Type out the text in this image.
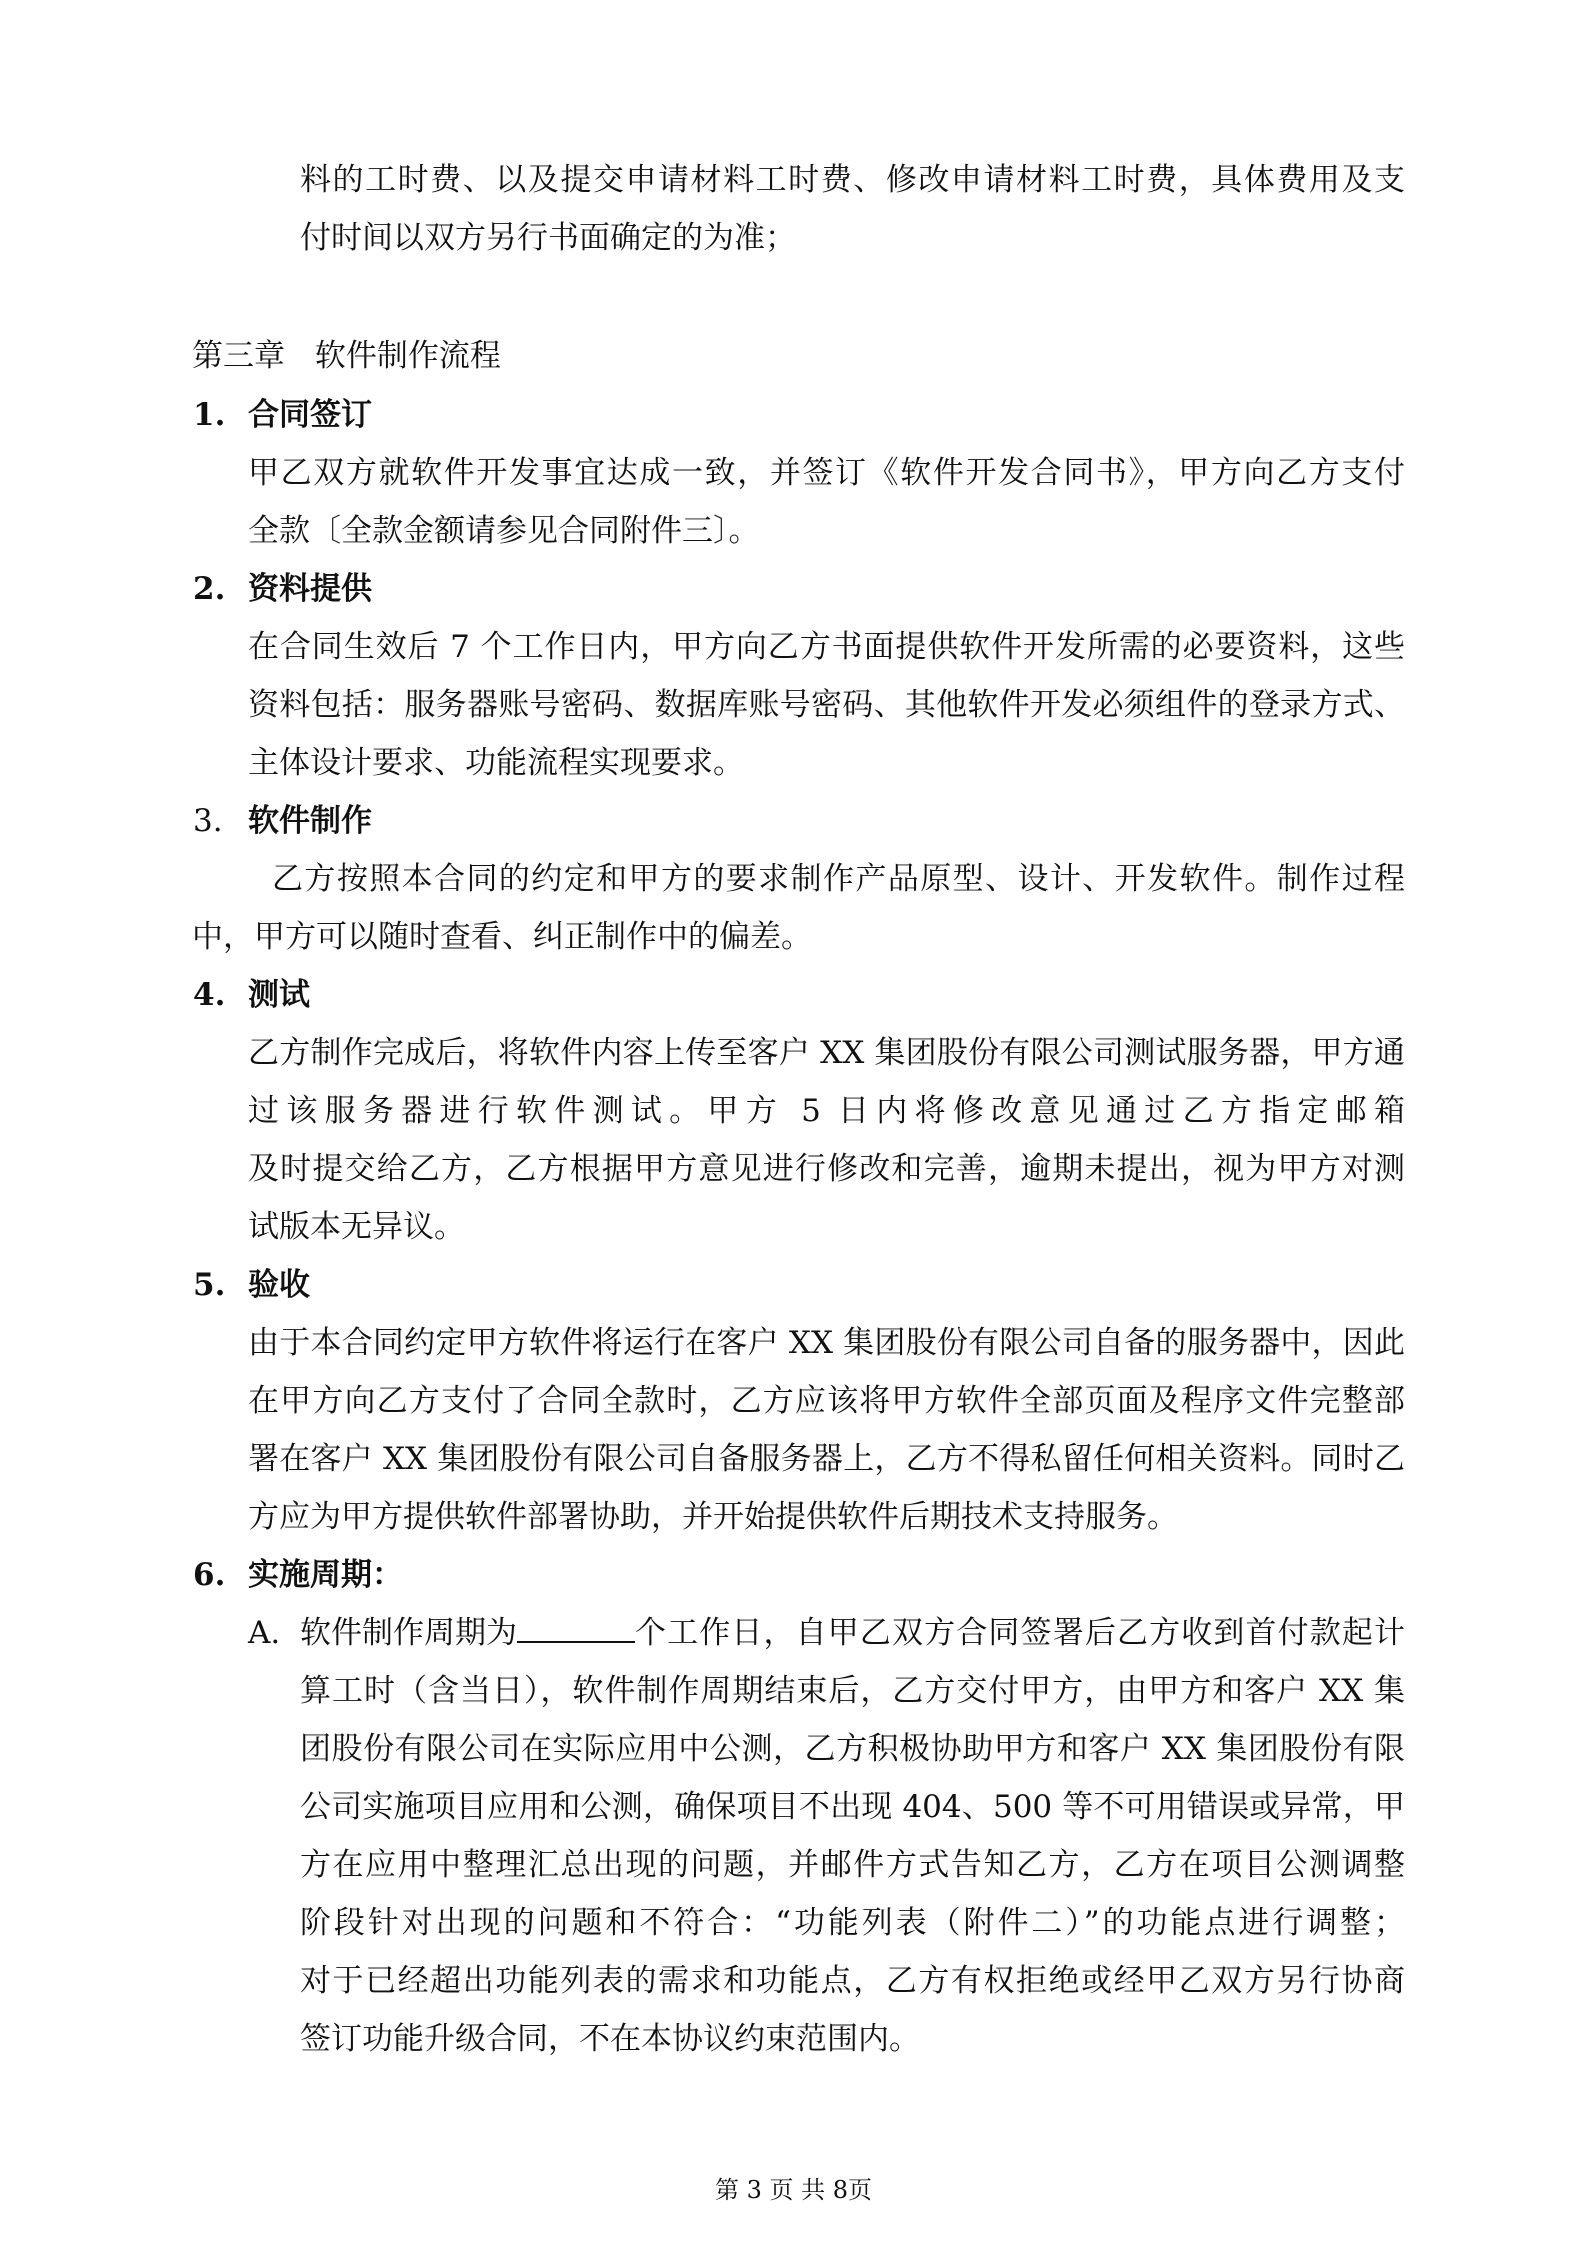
料的工时费、以及提交申请材料工时费、修改申请材料工时费，具体费用及支

付时间以双方另行书面确定的为准；

第三章 软件制作流程

1. 合同签订

甲乙双方就软件开发事宜达成一致，并签订《软件开发合同书》，甲方向乙方支付

全款〔全款金额请参见合同附件三〕。

2. 资料提供

在合同生效后 7 个工作日内，甲方向乙方书面提供软件开发所需的必要资料，这些

资料包括：服务器账号密码、数据库账号密码、其他软件开发必须组件的登录方式、

主体设计要求、功能流程实现要求。

3. 软件制作

乙方按照本合同的约定和甲方的要求制作产品原型、设计、开发软件。制作过程

中，甲方可以随时查看、纠正制作中的偏差。

4. 测试

乙方制作完成后，将软件内容上传至客户 XX 集团股份有限公司测试服务器，甲方通

过该服务器进行软件测试。甲方 5 日内将修改意见通过乙方指定邮箱

及时提交给乙方，乙方根据甲方意见进行修改和完善，逾期未提出，视为甲方对测

试版本无异议。

5. 验收

由于本合同约定甲方软件将运行在客户 XX 集团股份有限公司自备的服务器中，因此

在甲方向乙方支付了合同全款时，乙方应该将甲方软件全部页面及程序文件完整部

署在客户 XX 集团股份有限公司自备服务器上，乙方不得私留任何相关资料。同时乙

方应为甲方提供软件部署协助，并开始提供软件后期技术支持服务。

6. 实施周期：

A. 软件制作周期为	个工作日，自甲乙双方合同签署后乙方收到首付款起计

算工时（含当日），软件制作周期结束后，乙方交付甲方，由甲方和客户 XX 集

团股份有限公司在实际应用中公测，乙方积极协助甲方和客户 XX 集团股份有限

公司实施项目应用和公测，确保项目不出现 404、500 等不可用错误或异常，甲

方在应用中整理汇总出现的问题，并邮件方式告知乙方，乙方在项目公测调整

阶段针对出现的问题和不符合：“功能列表（附件二）”的功能点进行调整；

对于已经超出功能列表的需求和功能点，乙方有权拒绝或经甲乙双方另行协商

签订功能升级合同，不在本协议约束范围内。

第 3 页 共 8页
